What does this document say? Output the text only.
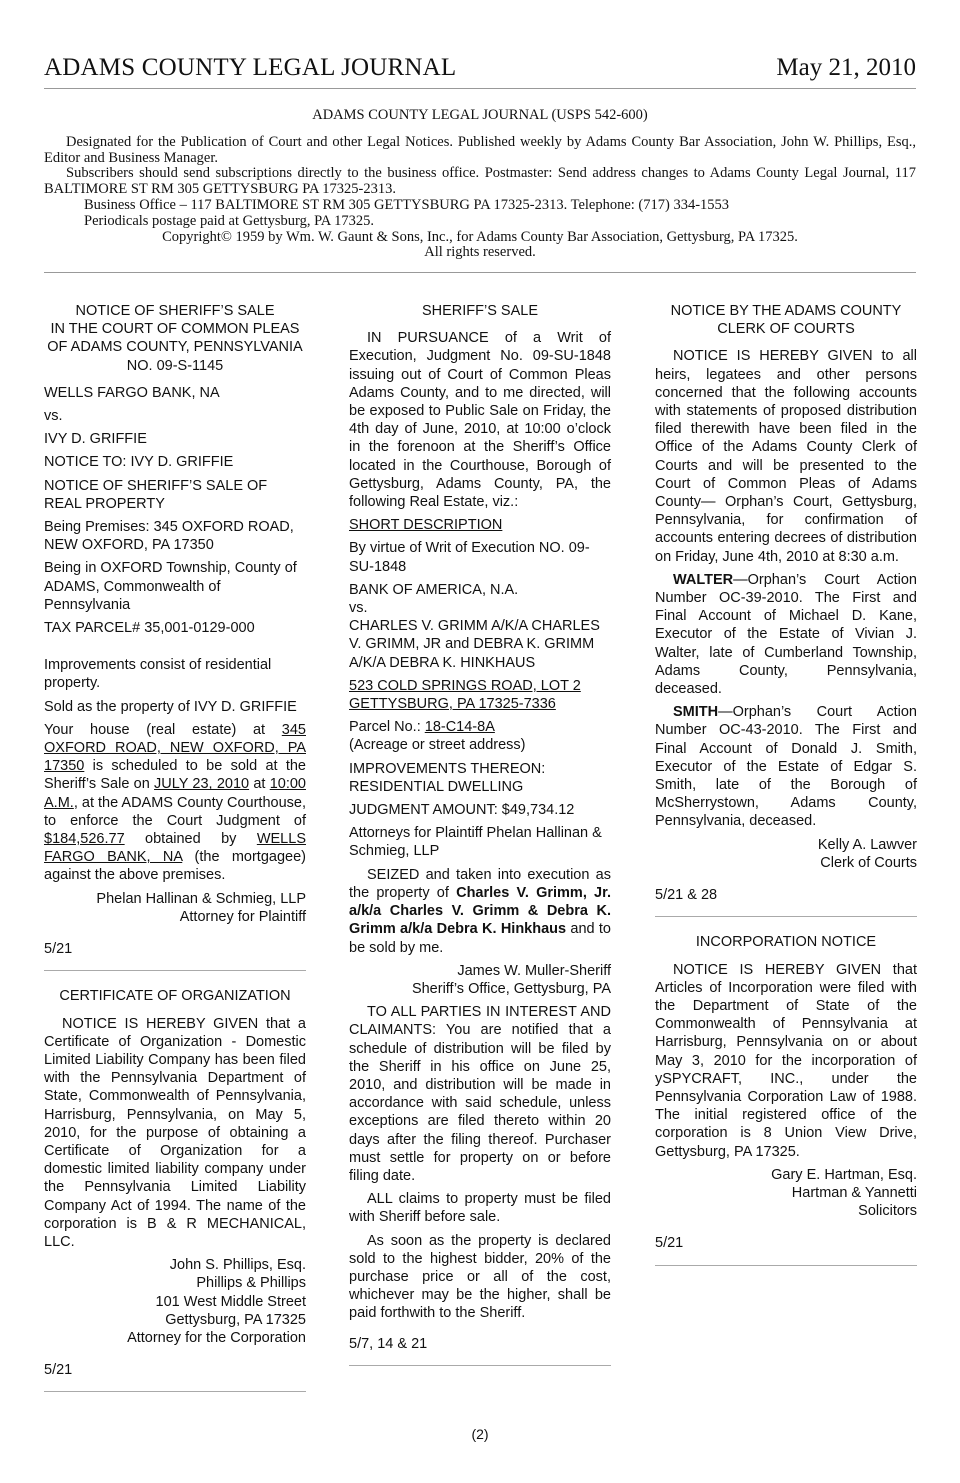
ADAMS COUNTY LEGAL JOURNAL	May 21, 2010
ADAMS COUNTY LEGAL JOURNAL (USPS 542-600)
Designated for the Publication of Court and other Legal Notices. Published weekly by Adams County Bar Association, John W. Phillips, Esq., Editor and Business Manager.
Subscribers should send subscriptions directly to the business office. Postmaster: Send address changes to Adams County Legal Journal, 117 BALTIMORE ST RM 305 GETTYSBURG PA 17325-2313.
Business Office – 117 BALTIMORE ST RM 305 GETTYSBURG PA 17325-2313. Telephone: (717) 334-1553
Periodicals postage paid at Gettysburg, PA 17325.
Copyright© 1959 by Wm. W. Gaunt & Sons, Inc., for Adams County Bar Association, Gettysburg, PA 17325.
All rights reserved.

NOTICE OF SHERIFF’S SALE
IN THE COURT OF COMMON PLEAS
OF ADAMS COUNTY, PENNSYLVANIA
NO. 09-S-1145

WELLS FARGO BANK, NA

vs.

IVY D. GRIFFIE

NOTICE TO: IVY D. GRIFFIE

NOTICE OF SHERIFF’S SALE OF REAL PROPERTY

Being Premises: 345 OXFORD ROAD, NEW OXFORD, PA 17350

Being in OXFORD Township, County of ADAMS, Commonwealth of Pennsylvania

TAX PARCEL# 35,001-0129-000

Improvements consist of residential property.

Sold as the property of IVY D. GRIFFIE

Your house (real estate) at 345 OXFORD ROAD, NEW OXFORD, PA 17350 is scheduled to be sold at the Sheriff’s Sale on JULY 23, 2010 at 10:00 A.M., at the ADAMS County Courthouse, to enforce the Court Judgment of $184,526.77 obtained by WELLS FARGO BANK, NA (the mortgagee) against the above premises.

Phelan Hallinan & Schmieg, LLP
Attorney for Plaintiff

5/21

CERTIFICATE OF ORGANIZATION

NOTICE IS HEREBY GIVEN that a Certificate of Organization - Domestic Limited Liability Company has been filed with the Pennsylvania Department of State, Commonwealth of Pennsylvania, Harrisburg, Pennsylvania, on May 5, 2010, for the purpose of obtaining a Certificate of Organization for a domestic limited liability company under the Pennsylvania Limited Liability Company Act of 1994. The name of the corporation is B & R MECHANICAL, LLC.

John S. Phillips, Esq.
Phillips & Phillips
101 West Middle Street
Gettysburg, PA 17325
Attorney for the Corporation

5/21

SHERIFF’S SALE

IN PURSUANCE of a Writ of Execution, Judgment No. 09-SU-1848 issuing out of Court of Common Pleas Adams County, and to me directed, will be exposed to Public Sale on Friday, the 4th day of June, 2010, at 10:00 o’clock in the forenoon at the Sheriff’s Office located in the Courthouse, Borough of Gettysburg, Adams County, PA, the following Real Estate, viz.:

SHORT DESCRIPTION

By virtue of Writ of Execution NO. 09-SU-1848

BANK OF AMERICA, N.A.

vs.

CHARLES V. GRIMM A/K/A CHARLES V. GRIMM, JR and DEBRA K. GRIMM A/K/A DEBRA K. HINKHAUS

523 COLD SPRINGS ROAD, LOT 2 GETTYSBURG, PA 17325-7336

Parcel No.: 18-C14-8A
(Acreage or street address)

IMPROVEMENTS THEREON: RESIDENTIAL DWELLING

JUDGMENT AMOUNT: $49,734.12

Attorneys for Plaintiff Phelan Hallinan & Schmieg, LLP

SEIZED and taken into execution as the property of Charles V. Grimm, Jr. a/k/a Charles V. Grimm & Debra K. Grimm a/k/a Debra K. Hinkhaus and to be sold by me.

James W. Muller-Sheriff
Sheriff’s Office, Gettysburg, PA

TO ALL PARTIES IN INTEREST AND CLAIMANTS: You are notified that a schedule of distribution will be filed by the Sheriff in his office on June 25, 2010, and distribution will be made in accordance with said schedule, unless exceptions are filed thereto within 20 days after the filing thereof. Purchaser must settle for property on or before filing date.

ALL claims to property must be filed with Sheriff before sale.

As soon as the property is declared sold to the highest bidder, 20% of the purchase price or all of the cost, whichever may be the higher, shall be paid forthwith to the Sheriff.

5/7, 14 & 21

NOTICE BY THE ADAMS COUNTY
CLERK OF COURTS

NOTICE IS HEREBY GIVEN to all heirs, legatees and other persons concerned that the following accounts with statements of proposed distribution filed therewith have been filed in the Office of the Adams County Clerk of Courts and will be presented to the Court of Common Pleas of Adams County— Orphan’s Court, Gettysburg, Pennsylvania, for confirmation of accounts entering decrees of distribution on Friday, June 4th, 2010 at 8:30 a.m.

WALTER—Orphan’s Court Action Number OC-39-2010. The First and Final Account of Michael D. Kane, Executor of the Estate of Vivian J. Walter, late of Cumberland Township, Adams County, Pennsylvania, deceased.

SMITH—Orphan’s Court Action Number OC-43-2010. The First and Final Account of Donald J. Smith, Executor of the Estate of Edgar S. Smith, late of the Borough of McSherrystown, Adams County, Pennsylvania, deceased.

Kelly A. Lawver
Clerk of Courts

5/21 & 28

INCORPORATION NOTICE

NOTICE IS HEREBY GIVEN that Articles of Incorporation were filed with the Department of State of the Commonwealth of Pennsylvania at Harrisburg, Pennsylvania on or about May 3, 2010 for the incorporation of ySPYCRAFT, INC., under the Pennsylvania Corporation Law of 1988. The initial registered office of the corporation is 8 Union View Drive, Gettysburg, PA 17325.

Gary E. Hartman, Esq.
Hartman & Yannetti
Solicitors

5/21

(2)
